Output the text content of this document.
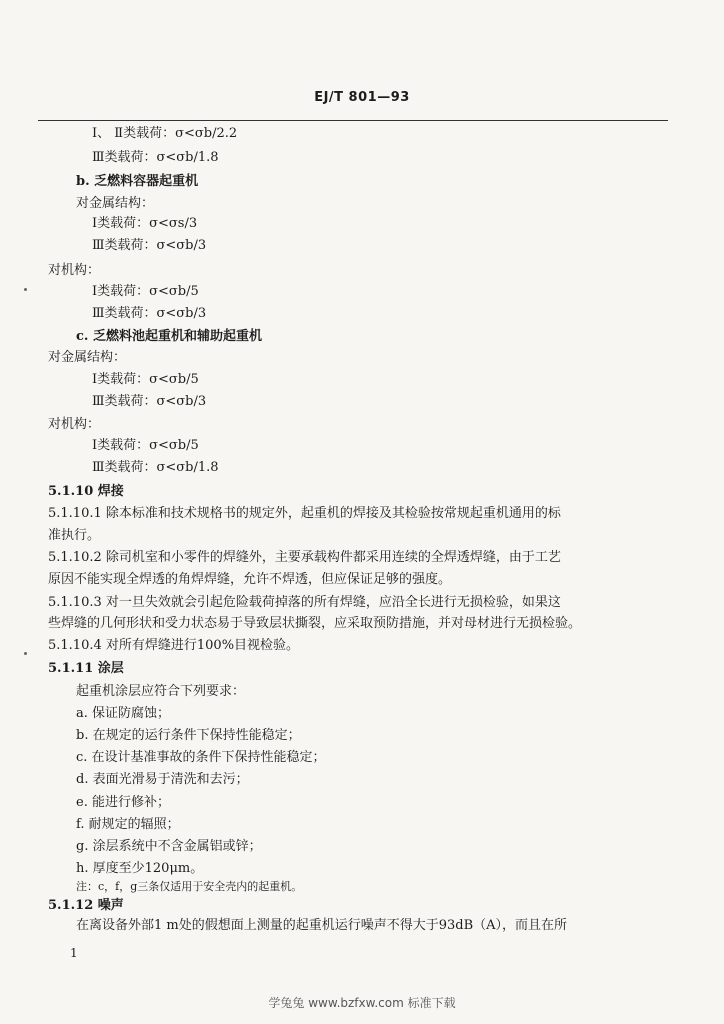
EJ/T 801—93
Ⅰ、 Ⅱ类载荷：σ<σb/2.2
Ⅲ类载荷：σ<σb/1.8
b. 乏燃料容器起重机
对金属结构：
Ⅰ类载荷：σ<σs/3
Ⅲ类载荷：σ<σb/3
对机构：
Ⅰ类载荷：σ<σb/5
Ⅲ类载荷：σ<σb/3
c. 乏燃料池起重机和辅助起重机
对金属结构：
Ⅰ类载荷：σ<σb/5
Ⅲ类载荷：σ<σb/3
对机构：
Ⅰ类载荷：σ<σb/5
Ⅲ类载荷：σ<σb/1.8
5.1.10 焊接
5.1.10.1 除本标准和技术规格书的规定外，起重机的焊接及其检验按常规起重机通用的标
准执行。
5.1.10.2 除司机室和小零件的焊缝外，主要承载构件都采用连续的全焊透焊缝，由于工艺
原因不能实现全焊透的角焊焊缝，允许不焊透，但应保证足够的强度。
5.1.10.3 对一旦失效就会引起危险载荷掉落的所有焊缝，应沿全长进行无损检验，如果这
些焊缝的几何形状和受力状态易于导致层状撕裂，应采取预防措施，并对母材进行无损检验。
5.1.10.4 对所有焊缝进行100%目视检验。
5.1.11 涂层
起重机涂层应符合下列要求：
a. 保证防腐蚀；
b. 在规定的运行条件下保持性能稳定；
c. 在设计基准事故的条件下保持性能稳定；
d. 表面光滑易于清洗和去污；
e. 能进行修补；
f. 耐规定的辐照；
g. 涂层系统中不含金属铝或锌；
h. 厚度至少120μm。
注：c，f，g三条仅适用于安全壳内的起重机。
5.1.12 噪声
在离设备外部1 m处的假想面上测量的起重机运行噪声不得大于93dB（A），而且在所
1
学兔兔 www.bzfxw.com 标准下载
